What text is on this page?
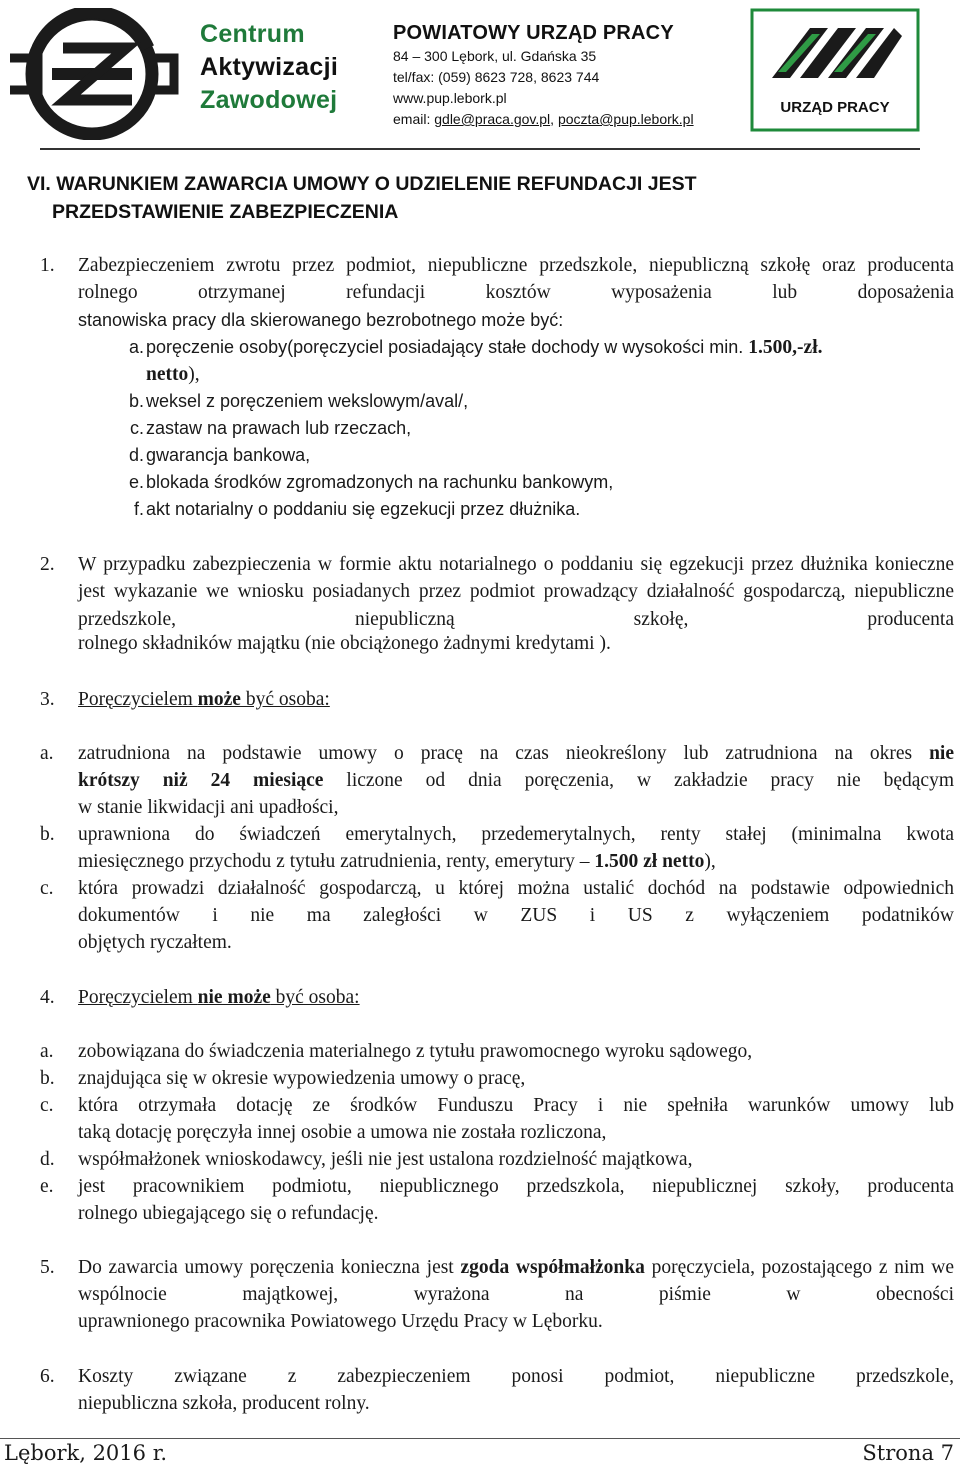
Centrum
Aktywizacji
Zawodowej
POWIATOWY URZĄD PRACY
84 – 300 Lębork, ul. Gdańska 35
tel/fax: (059) 8623 728, 8623 744
www.pup.lebork.pl
email: gdle@praca.gov.pl, poczta@pup.lebork.pl
URZĄD PRACY
VI. WARUNKIEM ZAWARCIA UMOWY O UDZIELENIE REFUNDACJI JEST
PRZEDSTAWIENIE ZABEZPIECZENIA
1. Zabezpieczeniem zwrotu przez podmiot, niepubliczne przedszkole, niepubliczną szkołę oraz producenta rolnego otrzymanej refundacji kosztów wyposażenia lub doposażenia
stanowiska pracy dla skierowanego bezrobotnego może być:
a. poręczenie osoby(poręczyciel posiadający stałe dochody w wysokości min. 1.500,-zł.
netto),
b. weksel z poręczeniem wekslowym/aval/,
c. zastaw na prawach lub rzeczach,
d. gwarancja bankowa,
e. blokada środków zgromadzonych na rachunku bankowym,
f. akt notarialny o poddaniu się egzekucji przez dłużnika.
2. W przypadku zabezpieczenia w formie aktu notarialnego o poddaniu się egzekucji przez dłużnika konieczne jest wykazanie we wniosku posiadanych przez podmiot prowadzący działalność gospodarczą, niepubliczne przedszkole, niepubliczną szkołę, producenta
rolnego składników majątku (nie obciążonego żadnymi kredytami ).
3. Poręczycielem może być osoba:
a. zatrudniona na podstawie umowy o pracę na czas nieokreślony lub zatrudniona na okres nie
krótszy niż 24 miesiące liczone od dnia poręczenia, w zakładzie pracy nie będącym
w stanie likwidacji ani upadłości,
b. uprawniona do świadczeń emerytalnych, przedemerytalnych, renty stałej (minimalna kwota
miesięcznego przychodu z tytułu zatrudnienia, renty, emerytury – 1.500 zł netto),
c. która prowadzi działalność gospodarczą, u której można ustalić dochód na podstawie odpowiednich dokumentów i nie ma zaległości w ZUS i US z wyłączeniem podatników
objętych ryczałtem.
4. Poręczycielem nie może być osoba:
a. zobowiązana do świadczenia materialnego z tytułu prawomocnego wyroku sądowego,
b. znajdująca się w okresie wypowiedzenia umowy o pracę,
c. która otrzymała dotację ze środków Funduszu Pracy i nie spełniła warunków umowy lub
taką dotację poręczyła innej osobie a umowa nie została rozliczona,
d. współmałżonek wnioskodawcy, jeśli nie jest ustalona rozdzielność majątkowa,
e. jest pracownikiem podmiotu, niepublicznego przedszkola, niepublicznej szkoły, producenta
rolnego ubiegającego się o refundację.
5. Do zawarcia umowy poręczenia konieczna jest zgoda współmałżonka poręczyciela, pozostającego z nim we wspólnocie majątkowej, wyrażona na piśmie w obecności
uprawnionego pracownika Powiatowego Urzędu Pracy w Lęborku.
6. Koszty związane z zabezpieczeniem ponosi podmiot, niepubliczne przedszkole,
niepubliczna szkoła, producent rolny.
Lębork, 2016 r.	Strona 7
